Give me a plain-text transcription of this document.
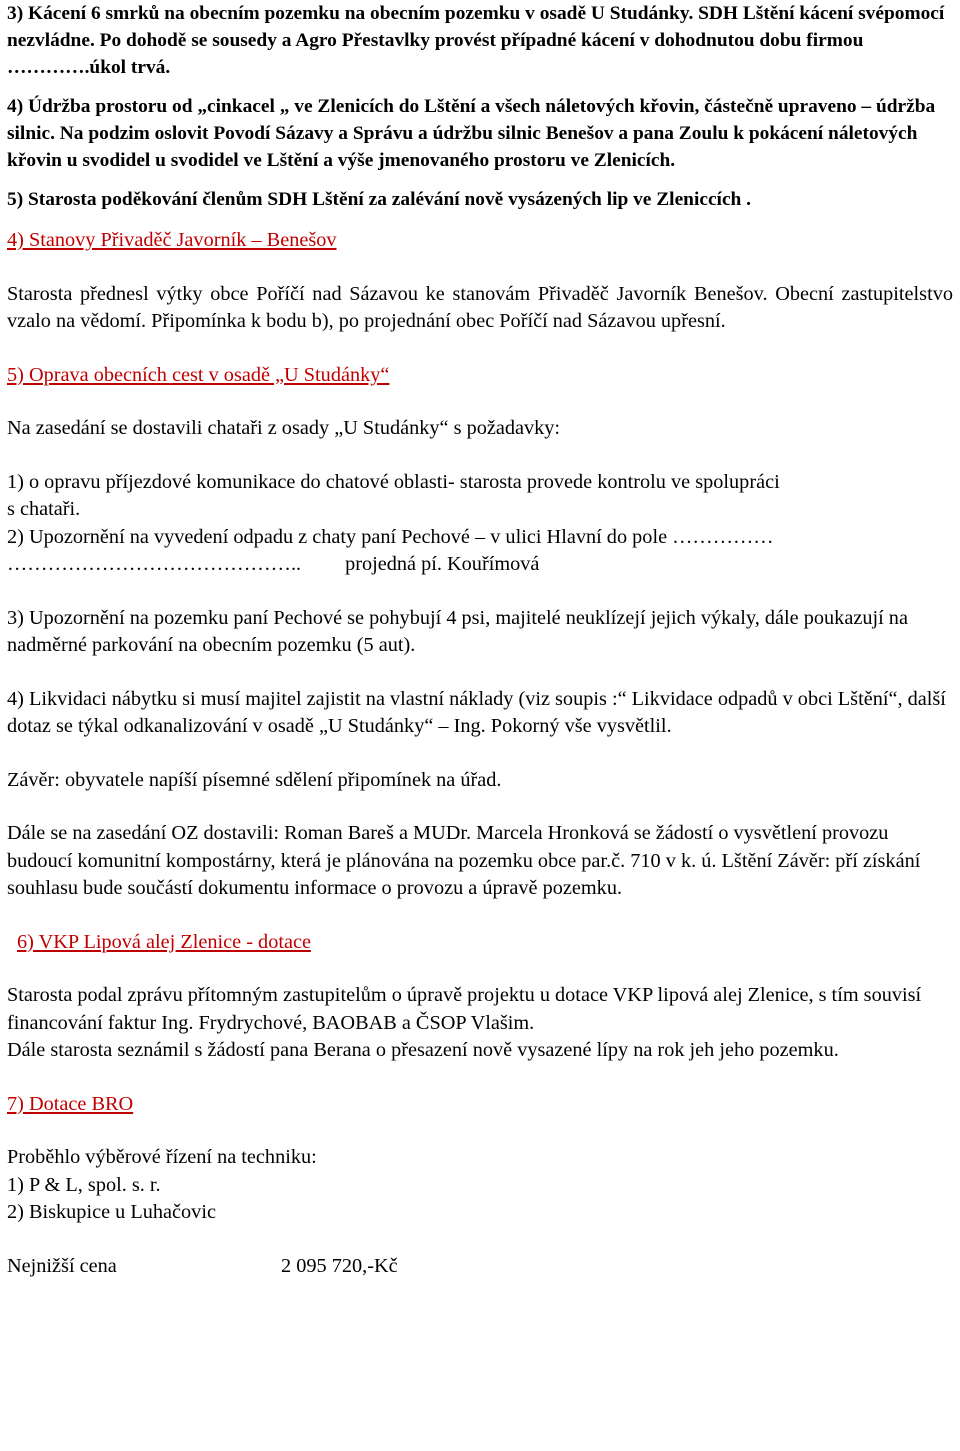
3) Kácení 6 smrků na obecním pozemku na obecním pozemku v osadě U Studánky. SDH Lštění kácení svépomocí nezvládne. Po dohodě se sousedy a Agro Přestavlky provést případné kácení v dohodnutou dobu firmou ………….úkol trvá.

4) Údržba prostoru od „cinkacel „ ve Zlenicích do Lštění a všech náletových křovin, částečně upraveno – údržba silnic. Na podzim oslovit Povodí Sázavy a Správu a údržbu silnic Benešov a pana Zoulu k pokácení náletových křovin u svodidel u svodidel ve Lštění a výše jmenovaného prostoru ve Zlenicích.

5) Starosta poděkování členům SDH Lštění za zalévání nově vysázených lip ve Zleniccích .

4) Stanovy Přivaděč Javorník – Benešov

Starosta přednesl výtky obce Poříčí nad Sázavou ke stanovám Přivaděč Javorník Benešov. Obecní zastupitelstvo vzalo na vědomí. Připomínka k bodu b), po projednání obec Poříčí nad Sázavou upřesní.

5) Oprava obecních cest v osadě „U Studánky“

Na zasedání se dostavili chataři z osady „U Studánky“ s požadavky:

1) o opravu příjezdové komunikace do chatové oblasti- starosta provede kontrolu ve spolupráci s chataři.

2) Upozornění na vyvedení odpadu z chaty paní Pechové – v ulici Hlavní do pole ……………

…………………………………….. projedná pí. Kouřímová

3) Upozornění na pozemku paní Pechové se pohybují 4 psi, majitelé neuklízejí jejich výkaly, dále poukazují na nadměrné parkování na obecním pozemku (5 aut).

4) Likvidaci nábytku si musí majitel zajistit na vlastní náklady (viz soupis :“ Likvidace odpadů v obci Lštění“, další dotaz se týkal odkanalizování v osadě „U Studánky“ – Ing. Pokorný vše vysvětlil.

Závěr: obyvatele napíší písemné sdělení připomínek na úřad.

Dále se na zasedání OZ dostavili: Roman Bareš a MUDr. Marcela Hronková se žádostí o vysvětlení provozu budoucí komunitní kompostárny, která je plánována na pozemku obce par.č. 710 v k. ú. Lštění Závěr: pří získání souhlasu bude součástí dokumentu informace o provozu a úpravě pozemku.

6) VKP Lipová alej Zlenice - dotace

Starosta podal zprávu přítomným zastupitelům o úpravě projektu u dotace VKP lipová alej Zlenice, s tím souvisí financování faktur Ing. Frydrychové, BAOBAB a ČSOP Vlašim.

Dále starosta seznámil s žádostí pana Berana o přesazení nově vysazené lípy na rok jeh jeho pozemku.

7) Dotace BRO

Proběhlo výběrové řízení na techniku:

1) P & L, spol. s. r.

2) Biskupice u Luhačovic

Nejnižší cena	2 095 720,-Kč
